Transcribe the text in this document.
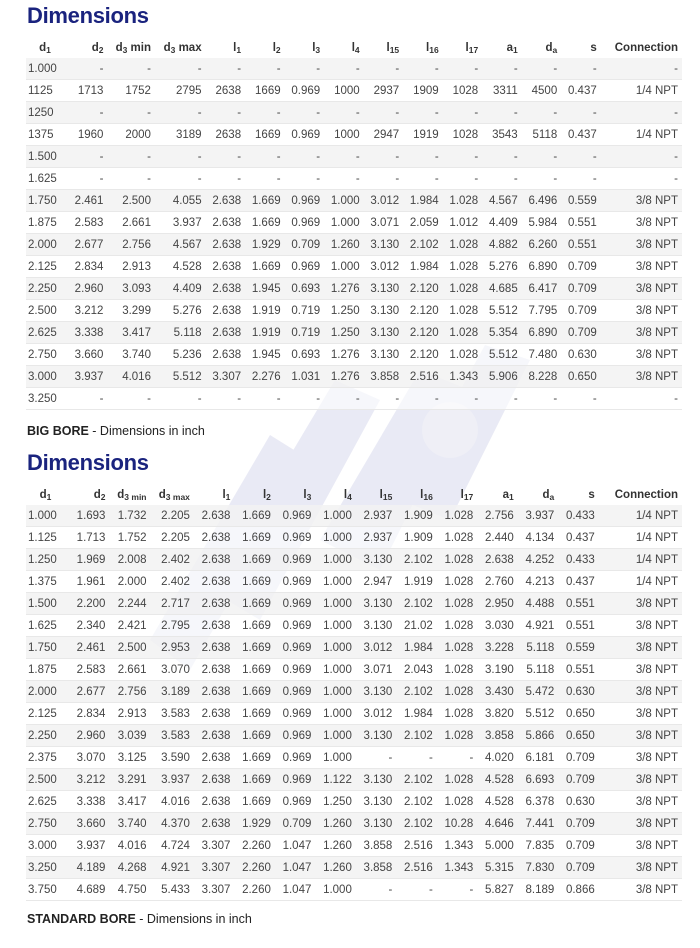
Dimensions
$d_1$	$d_2$	$d_3$ min	$d_3$ max	$l_1$	$l_2$	$l_3$	$l_4$	$l_{15}$	$l_{16}$	$l_{17}$	$a_1$	$d_a$	s	Connection
1.000	-	-	-	-	-	-	-	-	-	-	-	-	-	-
1125	1713	1752	2795	2638	1669	0.969	1000	2937	1909	1028	3311	4500	0.437	1/4 NPT
1250	-	-	-	-	-	-	-	-	-	-	-	-	-	-
1375	1960	2000	3189	2638	1669	0.969	1000	2947	1919	1028	3543	5118	0.437	1/4 NPT
1.500	-	-	-	-	-	-	-	-	-	-	-	-	-	-
1.625	-	-	-	-	-	-	-	-	-	-	-	-	-	-
1.750	2.461	2.500	4.055	2.638	1.669	0.969	1.000	3.012	1.984	1.028	4.567	6.496	0.559	3/8 NPT
1.875	2.583	2.661	3.937	2.638	1.669	0.969	1.000	3.071	2.059	1.012	4.409	5.984	0.551	3/8 NPT
2.000	2.677	2.756	4.567	2.638	1.929	0.709	1.260	3.130	2.102	1.028	4.882	6.260	0.551	3/8 NPT
2.125	2.834	2.913	4.528	2.638	1.669	0.969	1.000	3.012	1.984	1.028	5.276	6.890	0.709	3/8 NPT
2.250	2.960	3.093	4.409	2.638	1.945	0.693	1.276	3.130	2.120	1.028	4.685	6.417	0.709	3/8 NPT
2.500	3.212	3.299	5.276	2.638	1.919	0.719	1.250	3.130	2.120	1.028	5.512	7.795	0.709	3/8 NPT
2.625	3.338	3.417	5.118	2.638	1.919	0.719	1.250	3.130	2.120	1.028	5.354	6.890	0.709	3/8 NPT
2.750	3.660	3.740	5.236	2.638	1.945	0.693	1.276	3.130	2.120	1.028	5.512	7.480	0.630	3/8 NPT
3.000	3.937	4.016	5.512	3.307	2.276	1.031	1.276	3.858	2.516	1.343	5.906	8.228	0.650	3/8 NPT
3.250	-	-	-	-	-	-	-	-	-	-	-	-	-	-
BIG BORE - Dimensions in inch
Dimensions
$d_1$	$d_2$	$d_{3 min}$	$d_{3 max}$	$l_1$	$l_2$	$l_3$	$l_4$	$l_{15}$	$l_{16}$	$l_{17}$	$a_1$	$d_a$	s	Connection
1.000	1.693	1.732	2.205	2.638	1.669	0.969	1.000	2.937	1.909	1.028	2.756	3.937	0.433	1/4 NPT
1.125	1.713	1.752	2.205	2.638	1.669	0.969	1.000	2.937	1.909	1.028	2.440	4.134	0.437	1/4 NPT
1.250	1.969	2.008	2.402	2.638	1.669	0.969	1.000	3.130	2.102	1.028	2.638	4.252	0.433	1/4 NPT
1.375	1.961	2.000	2.402	2.638	1.669	0.969	1.000	2.947	1.919	1.028	2.760	4.213	0.437	1/4 NPT
1.500	2.200	2.244	2.717	2.638	1.669	0.969	1.000	3.130	2.102	1.028	2.950	4.488	0.551	3/8 NPT
1.625	2.340	2.421	2.795	2.638	1.669	0.969	1.000	3.130	21.02	1.028	3.030	4.921	0.551	3/8 NPT
1.750	2.461	2.500	2.953	2.638	1.669	0.969	1.000	3.012	1.984	1.028	3.228	5.118	0.559	3/8 NPT
1.875	2.583	2.661	3.070	2.638	1.669	0.969	1.000	3.071	2.043	1.028	3.190	5.118	0.551	3/8 NPT
2.000	2.677	2.756	3.189	2.638	1.669	0.969	1.000	3.130	2.102	1.028	3.430	5.472	0.630	3/8 NPT
2.125	2.834	2.913	3.583	2.638	1.669	0.969	1.000	3.012	1.984	1.028	3.820	5.512	0.650	3/8 NPT
2.250	2.960	3.039	3.583	2.638	1.669	0.969	1.000	3.130	2.102	1.028	3.858	5.866	0.650	3/8 NPT
2.375	3.070	3.125	3.590	2.638	1.669	0.969	1.000	-	-	-	4.020	6.181	0.709	3/8 NPT
2.500	3.212	3.291	3.937	2.638	1.669	0.969	1.122	3.130	2.102	1.028	4.528	6.693	0.709	3/8 NPT
2.625	3.338	3.417	4.016	2.638	1.669	0.969	1.250	3.130	2.102	1.028	4.528	6.378	0.630	3/8 NPT
2.750	3.660	3.740	4.370	2.638	1.929	0.709	1.260	3.130	2.102	10.28	4.646	7.441	0.709	3/8 NPT
3.000	3.937	4.016	4.724	3.307	2.260	1.047	1.260	3.858	2.516	1.343	5.000	7.835	0.709	3/8 NPT
3.250	4.189	4.268	4.921	3.307	2.260	1.047	1.260	3.858	2.516	1.343	5.315	7.830	0.709	3/8 NPT
3.750	4.689	4.750	5.433	3.307	2.260	1.047	1.000	-	-	-	5.827	8.189	0.866	3/8 NPT
STANDARD BORE - Dimensions in inch
